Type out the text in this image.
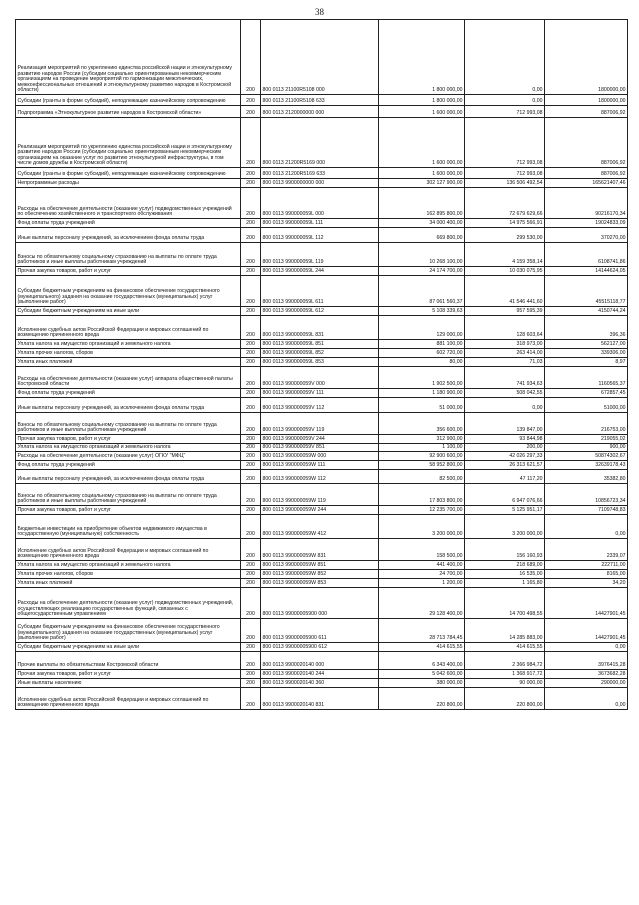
38
Реализация мероприятий по укреплению единства российской нации и этнокультурному развитию народов России (субсидии социально ориентированным некоммерческим организациям на проведение мероприятий по гармонизации межэтнических, межконфессиональных отношений и этнокультурному развитию народов в Костромской области)	200	800 0113 21100R5108 000	1 800 000,00	0,00	1800000,00
Субсидии (гранты в форме субсидий), неподлежащие казначейскому сопровождению	200	800 0113 21100R5108 633	1 800 000,00	0,00	1800000,00
Подпрограмма «Этнокультурное развитие народов в Костромской области»	200	800 0113 2120000000 000	1 600 000,00	712 993,08	887006,92

Реализация мероприятий по укреплению единства российской нации и этнокультурному развитию народов России (субсидии социально ориентированным некоммерческим организациям на оказание услуг по развитию этнокультурной инфраструктуры, в том числе домов дружбы в Костромской области)	200	800 0113 21200R5169 000	1 600 000,00	712 993,08	887006,92
Субсидии (гранты в форме субсидий), неподлежащие казначейскому сопровождению	200	800 0113 21200R5169 633	1 600 000,00	712 993,08	887006,92
Непрограммные расходы	200	800 0113 9900000000 000	302 127 900,00	136 506 492,54	165621407,46

Расходы на обеспечение деятельности (оказание услуг) подведомственных учреждений по обеспечению хозяйственного и транспортного обслуживания	200	800 0113 990000059L 000	162 895 800,00	72 679 629,66	90216170,34
Фонд оплаты труда учреждений	200	800 0113 990000059L 111	34 000 400,00	14 975 566,91	19024833,09
Иные выплаты персоналу учреждений, за исключением фонда оплаты труда	200	800 0113 990000059L 112	669 800,00	299 530,00	370270,00

Взносы по обязательному социальному страхованию на выплаты по оплате труда работников и иные выплаты работникам учреждений	200	800 0113 990000059L 119	10 268 100,00	4 159 358,14	6108741,86
Прочая закупка товаров, работ и услуг	200	800 0113 990000059L 244	24 174 700,00	10 030 075,95	14144624,05
Субсидии бюджетным учреждениям на финансовое обеспечение государственного (муниципального) задания на оказание государственных (муниципальных) услуг (выполнение работ)	200	800 0113 990000059L 611	87 061 560,37	41 546 441,60	45515118,77
Субсидии бюджетным учреждениям на иные цели	200	800 0113 990000059L 612	5 108 339,63	957 595,39	4150744,24

Исполнение судебных актов Российской Федерации и мировых соглашений по возмещению причиненного вреда	200	800 0113 990000059L 831	129 000,00	128 603,64	396,36
Уплата налога на имущество организаций и земельного налога	200	800 0113 990000059L 851	881 100,00	318 973,00	562127,00
Уплата прочих налогов, сборов	200	800 0113 990000059L 852	602 720,00	263 414,00	339306,00
Уплата иных платежей	200	800 0113 990000059L 853	80,00	71,03	8,97

Расходы на обеспечение деятельности (оказание услуг) аппарата общественной палаты Костромской области	200	800 0113 990000059V 000	1 902 500,00	741 934,63	1160565,37
Фонд оплаты труда учреждений	200	800 0113 990000059V 111	1 180 900,00	508 042,55	672857,45
Иные выплаты персоналу учреждений, за исключением фонда оплаты труда	200	800 0113 990000059V 112	51 000,00	0,00	51000,00

Взносы по обязательному социальному страхованию на выплаты по оплате труда работников и иные выплаты работникам учреждений	200	800 0113 990000059V 119	356 600,00	139 847,00	216753,00
Прочая закупка товаров, работ и услуг	200	800 0113 990000059V 244	312 900,00	93 844,98	219055,02
Уплата налога на имущество организаций и земельного налога	200	800 0113 990000059V 851	1 100,00	200,00	900,00
Расходы на обеспечение деятельности (оказание услуг) ОГКУ "МФЦ"	200	800 0113 990000059W 000	92 900 600,00	42 026 297,33	50874302,67
Фонд оплаты труда учреждений	200	800 0113 990000059W 111	58 952 800,00	26 313 621,57	32639178,43
Иные выплаты персоналу учреждений, за исключением фонда оплаты труда	200	800 0113 990000059W 112	82 500,00	47 117,20	35382,80

Взносы по обязательному социальному страхованию на выплаты по оплате труда работников и иные выплаты работникам учреждений	200	800 0113 990000059W 119	17 803 800,00	6 947 076,66	10856723,34
Прочая закупка товаров, работ и услуг	200	800 0113 990000059W 244	12 235 700,00	5 125 951,17	7109748,83
Бюджетные инвестиции на приобретение объектов недвижимого имущества в государственную (муниципальную) собственность	200	800 0113 990000059W 412	3 200 000,00	3 200 000,00	0,00

Исполнение судебных актов Российской Федерации и мировых соглашений по возмещению причиненного вреда	200	800 0113 990000059W 831	158 500,00	156 160,93	2339,07
Уплата налога на имущество организаций и земельного налога	200	800 0113 990000059W 851	441 400,00	218 689,00	222711,00
Уплата прочих налогов, сборов	200	800 0113 990000059W 852	24 700,00	16 535,00	8165,00
Уплата иных платежей	200	800 0113 990000059W 853	1 200,00	1 165,80	34,20

Расходы на обеспечение деятельности (оказание услуг) подведомственных учреждений, осуществляющих реализацию государственных функций, связанных с общегосударственным управлением	200	800 0113 99000005900 000	29 128 400,00	14 700 498,55	14427901,45
Субсидии бюджетным учреждениям на финансовое обеспечение государственного (муниципального) задания на оказание государственных (муниципальных) услуг (выполнение работ)	200	800 0113 99000005900 611	28 713 784,45	14 285 883,00	14427901,45
Субсидии бюджетным учреждениям на иные цели	200	800 0113 99000005900 612	414 615,55	414 615,55	0,00

Прочие выплаты по обязательствам Костромской области	200	800 0113 9900020140 000	6 343 400,00	2 366 984,72	3976415,28
Прочая закупка товаров, работ и услуг	200	800 0113 9900020140 244	5 042 600,00	1 368 917,72	3673682,28
Иные выплаты населению	200	800 0113 9900020140 360	380 000,00	90 000,00	290000,00

Исполнение судебных актов Российской Федерации и мировых соглашений по возмещению причиненного вреда	200	800 0113 9900020140 831	220 800,00	220 800,00	0,00
